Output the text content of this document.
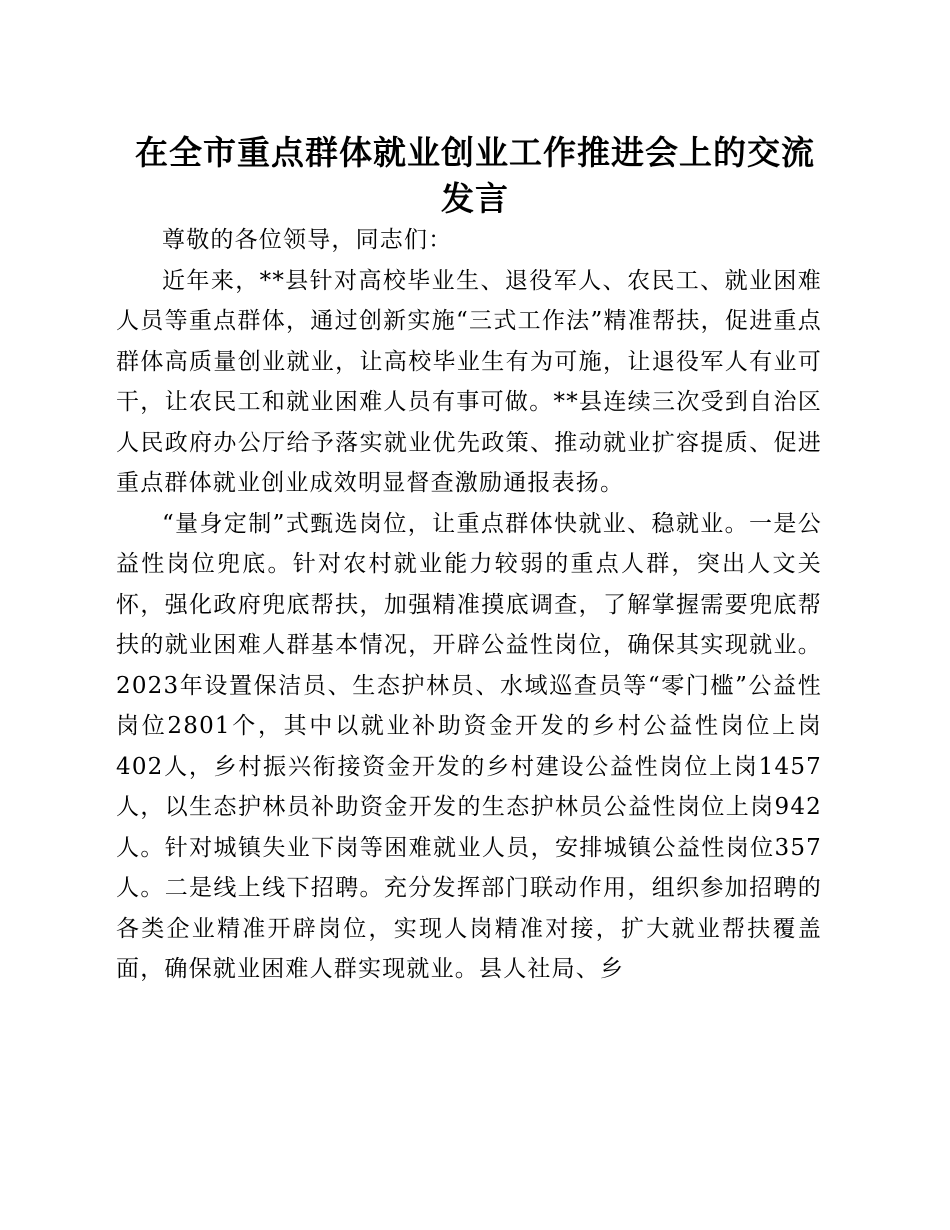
在全市重点群体就业创业工作推进会上的交流
发言

尊敬的各位领导，同志们：

近年来，**县针对高校毕业生、退役军人、农民工、就业困难人员等重点群体，通过创新实施“三式工作法”精准帮扶，促进重点群体高质量创业就业，让高校毕业生有为可施，让退役军人有业可干，让农民工和就业困难人员有事可做。**县连续三次受到自治区人民政府办公厅给予落实就业优先政策、推动就业扩容提质、促进重点群体就业创业成效明显督查激励通报表扬。

“量身定制”式甄选岗位，让重点群体快就业、稳就业。一是公益性岗位兜底。针对农村就业能力较弱的重点人群，突出人文关怀，强化政府兜底帮扶，加强精准摸底调查，了解掌握需要兜底帮扶的就业困难人群基本情况，开辟公益性岗位，确保其实现就业。2023年设置保洁员、生态护林员、水域巡查员等“零门槛”公益性岗位2801个，其中以就业补助资金开发的乡村公益性岗位上岗402人，乡村振兴衔接资金开发的乡村建设公益性岗位上岗1457人，以生态护林员补助资金开发的生态护林员公益性岗位上岗942人。针对城镇失业下岗等困难就业人员，安排城镇公益性岗位357人。二是线上线下招聘。充分发挥部门联动作用，组织参加招聘的各类企业精准开辟岗位，实现人岗精准对接，扩大就业帮扶覆盖面，确保就业困难人群实现就业。县人社局、乡
